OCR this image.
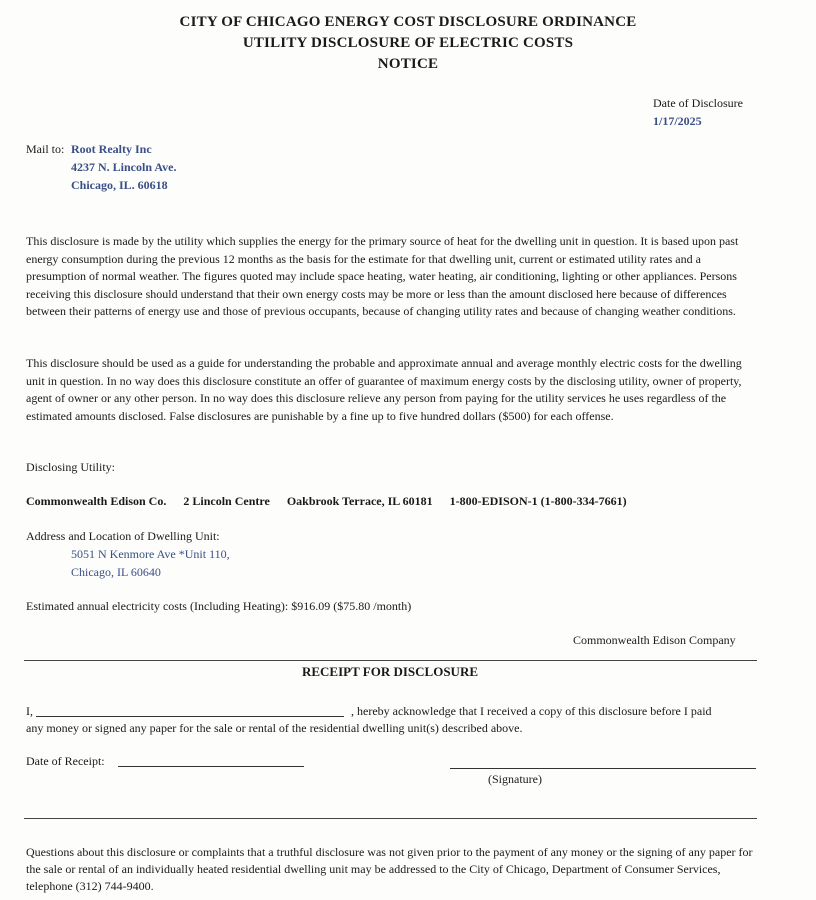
CITY OF CHICAGO ENERGY COST DISCLOSURE ORDINANCE
UTILITY DISCLOSURE OF ELECTRIC COSTS
NOTICE
Date of Disclosure
1/17/2025
Mail to: Root Realty Inc
4237 N. Lincoln Ave.
Chicago, IL. 60618
This disclosure is made by the utility which supplies the energy for the primary source of heat for the dwelling unit in question. It is based upon past energy consumption during the previous 12 months as the basis for the estimate for that dwelling unit, current or estimated utility rates and a presumption of normal weather. The figures quoted may include space heating, water heating, air conditioning, lighting or other appliances. Persons receiving this disclosure should understand that their own energy costs may be more or less than the amount disclosed here because of differences between their patterns of energy use and those of previous occupants, because of changing utility rates and because of changing weather conditions.
This disclosure should be used as a guide for understanding the probable and approximate annual and average monthly electric costs for the dwelling unit in question. In no way does this disclosure constitute an offer of guarantee of maximum energy costs by the disclosing utility, owner of property, agent of owner or any other person. In no way does this disclosure relieve any person from paying for the utility services he uses regardless of the estimated amounts disclosed. False disclosures are punishable by a fine up to five hundred dollars ($500) for each offense.
Disclosing Utility:
Commonwealth Edison Co. 2 Lincoln Centre Oakbrook Terrace, IL 60181 1-800-EDISON-1 (1-800-334-7661)
Address and Location of Dwelling Unit:
5051 N Kenmore Ave *Unit 110,
Chicago, IL 60640
Estimated annual electricity costs (Including Heating): $916.09 ($75.80 /month)
Commonwealth Edison Company
RECEIPT FOR DISCLOSURE
I,	, hereby acknowledge that I received a copy of this disclosure before I paid
any money or signed any paper for the sale or rental of the residential dwelling unit(s) described above.
Date of Receipt:
(Signature)
Questions about this disclosure or complaints that a truthful disclosure was not given prior to the payment of any money or the signing of any paper for the sale or rental of an individually heated residential dwelling unit may be addressed to the City of Chicago, Department of Consumer Services, telephone (312) 744-9400.
